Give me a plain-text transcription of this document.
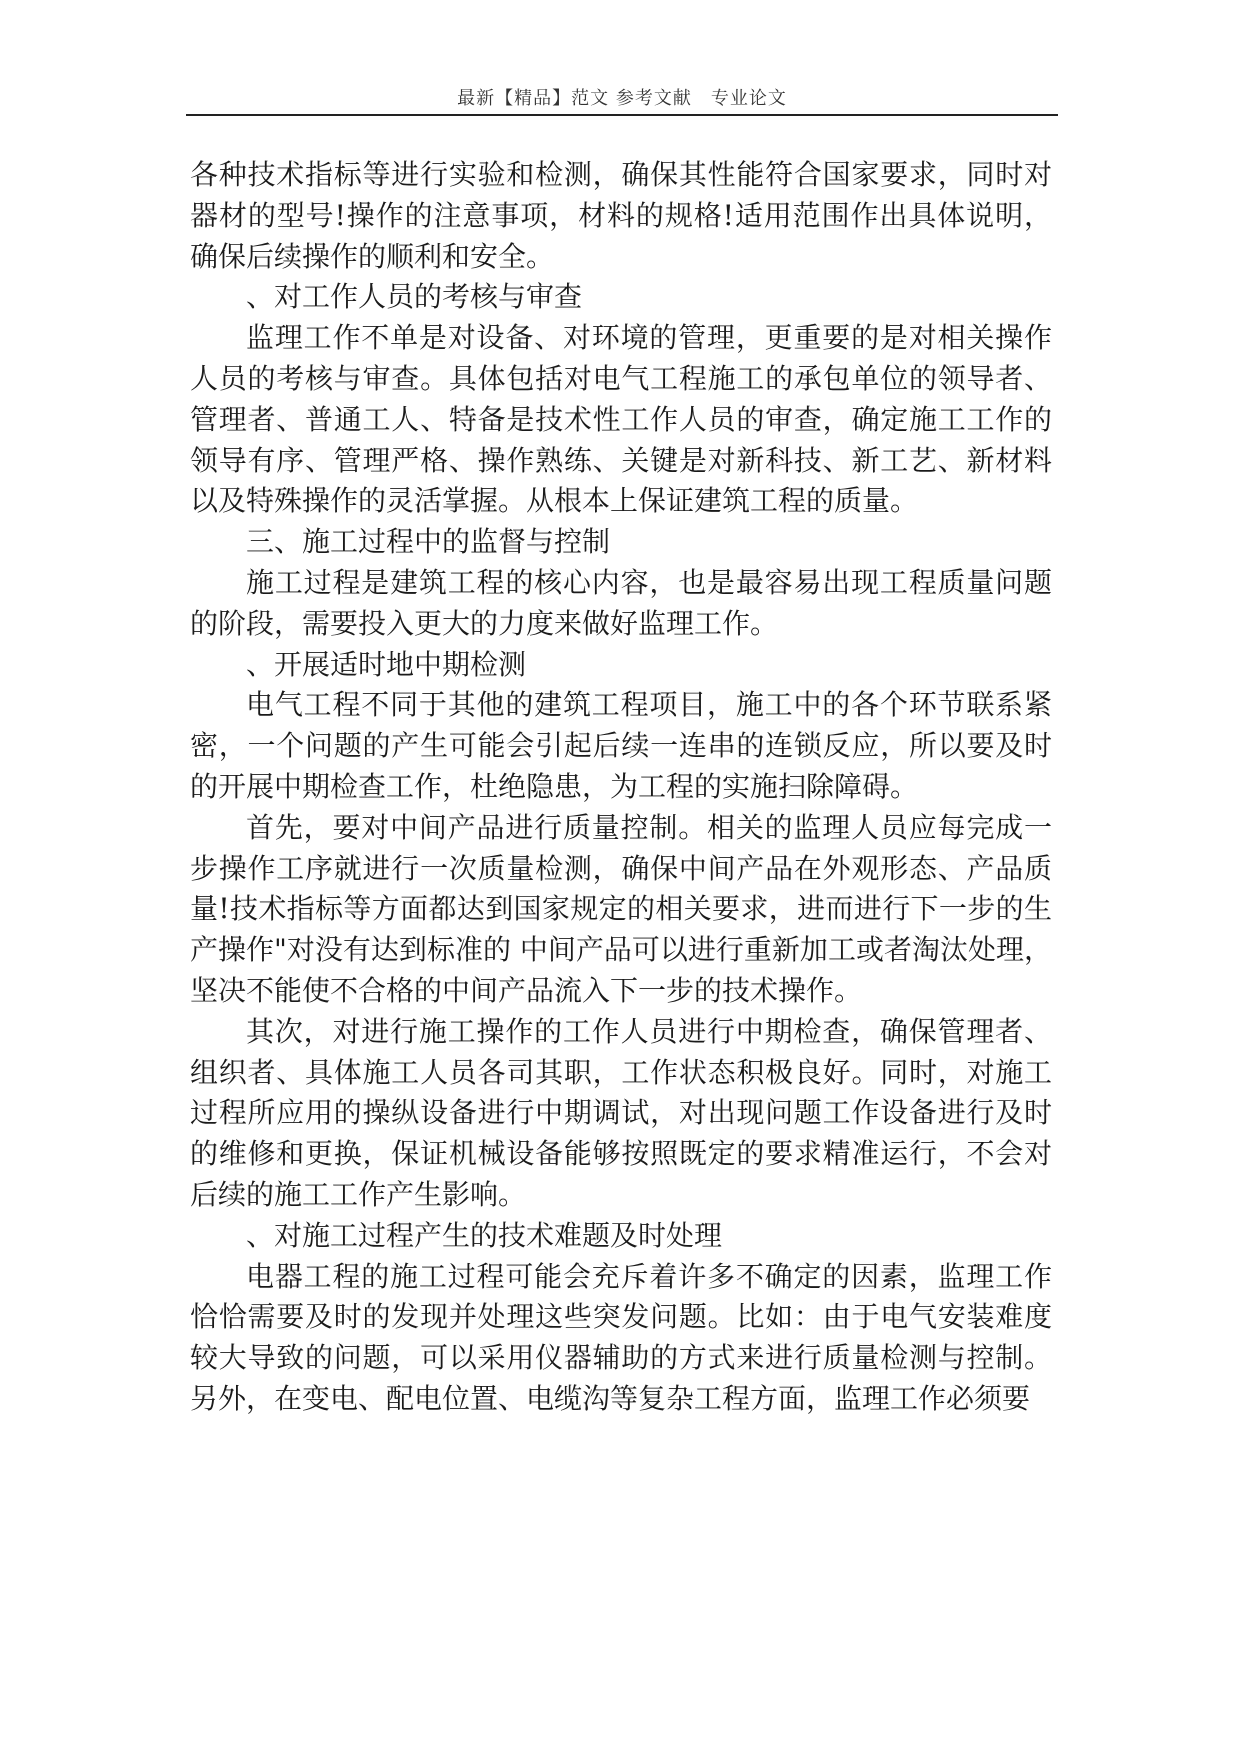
最新【精品】范文 参考文献　专业论文

各种技术指标等进行实验和检测，确保其性能符合国家要求，同时对器材的型号!操作的注意事项，材料的规格!适用范围作出具体说明，确保后续操作的顺利和安全。

、对工作人员的考核与审查

监理工作不单是对设备、对环境的管理，更重要的是对相关操作人员的考核与审查。具体包括对电气工程施工的承包单位的领导者、管理者、普通工人、特备是技术性工作人员的审查，确定施工工作的领导有序、管理严格、操作熟练、关键是对新科技、新工艺、新材料以及特殊操作的灵活掌握。从根本上保证建筑工程的质量。

三、施工过程中的监督与控制

施工过程是建筑工程的核心内容，也是最容易出现工程质量问题的阶段，需要投入更大的力度来做好监理工作。

、开展适时地中期检测

电气工程不同于其他的建筑工程项目，施工中的各个环节联系紧密，一个问题的产生可能会引起后续一连串的连锁反应，所以要及时的开展中期检查工作，杜绝隐患，为工程的实施扫除障碍。

首先，要对中间产品进行质量控制。相关的监理人员应每完成一步操作工序就进行一次质量检测，确保中间产品在外观形态、产品质量!技术指标等方面都达到国家规定的相关要求，进而进行下一步的生产操作"对没有达到标准的 中间产品可以进行重新加工或者淘汰处理，坚决不能使不合格的中间产品流入下一步的技术操作。

其次，对进行施工操作的工作人员进行中期检查，确保管理者、组织者、具体施工人员各司其职，工作状态积极良好。同时，对施工过程所应用的操纵设备进行中期调试，对出现问题工作设备进行及时的维修和更换，保证机械设备能够按照既定的要求精准运行，不会对后续的施工工作产生影响。

、对施工过程产生的技术难题及时处理

电器工程的施工过程可能会充斥着许多不确定的因素，监理工作恰恰需要及时的发现并处理这些突发问题。比如：由于电气安装难度较大导致的问题，可以采用仪器辅助的方式来进行质量检测与控制。另外，在变电、配电位置、电缆沟等复杂工程方面，监理工作必须要
